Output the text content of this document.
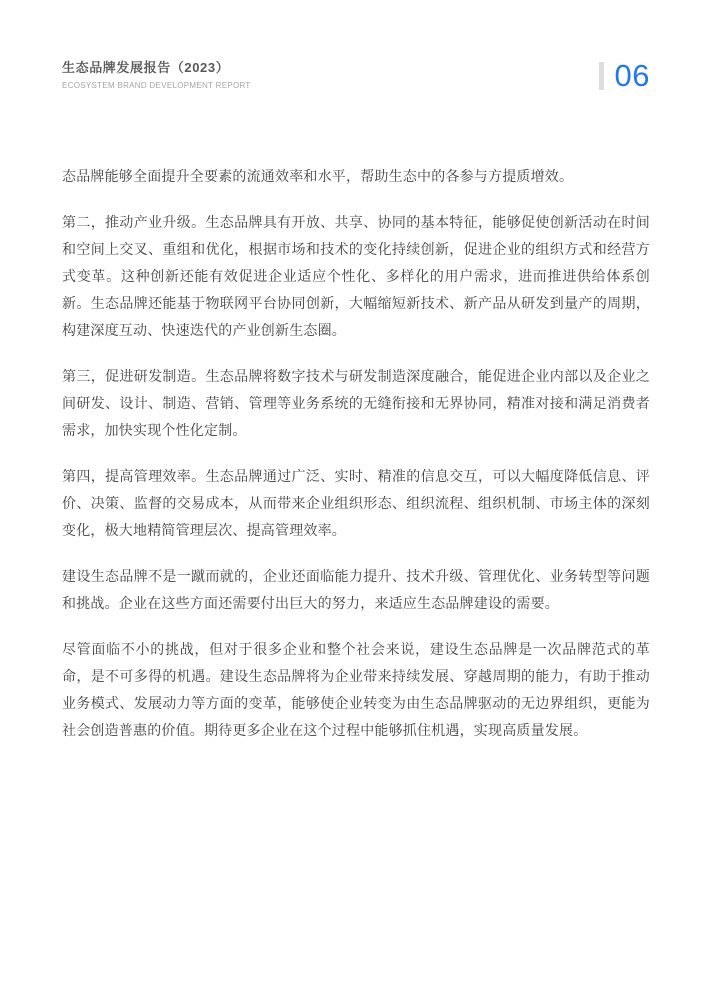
生态品牌发展报告（2023）
ECOSYSTEM BRAND DEVELOPMENT REPORT	06

态品牌能够全面提升全要素的流通效率和水平，帮助生态中的各参与方提质增效。

第二，推动产业升级。生态品牌具有开放、共享、协同的基本特征，能够促使创新活动在时间和空间上交叉、重组和优化，根据市场和技术的变化持续创新，促进企业的组织方式和经营方式变革。这种创新还能有效促进企业适应个性化、多样化的用户需求，进而推进供给体系创新。生态品牌还能基于物联网平台协同创新，大幅缩短新技术、新产品从研发到量产的周期，构建深度互动、快速迭代的产业创新生态圈。

第三，促进研发制造。生态品牌将数字技术与研发制造深度融合，能促进企业内部以及企业之间研发、设计、制造、营销、管理等业务系统的无缝衔接和无界协同，精准对接和满足消费者需求，加快实现个性化定制。

第四，提高管理效率。生态品牌通过广泛、实时、精准的信息交互，可以大幅度降低信息、评价、决策、监督的交易成本，从而带来企业组织形态、组织流程、组织机制、市场主体的深刻变化，极大地精简管理层次、提高管理效率。

建设生态品牌不是一蹴而就的，企业还面临能力提升、技术升级、管理优化、业务转型等问题和挑战。企业在这些方面还需要付出巨大的努力，来适应生态品牌建设的需要。

尽管面临不小的挑战，但对于很多企业和整个社会来说，建设生态品牌是一次品牌范式的革命，是不可多得的机遇。建设生态品牌将为企业带来持续发展、穿越周期的能力，有助于推动业务模式、发展动力等方面的变革，能够使企业转变为由生态品牌驱动的无边界组织，更能为社会创造普惠的价值。期待更多企业在这个过程中能够抓住机遇，实现高质量发展。
